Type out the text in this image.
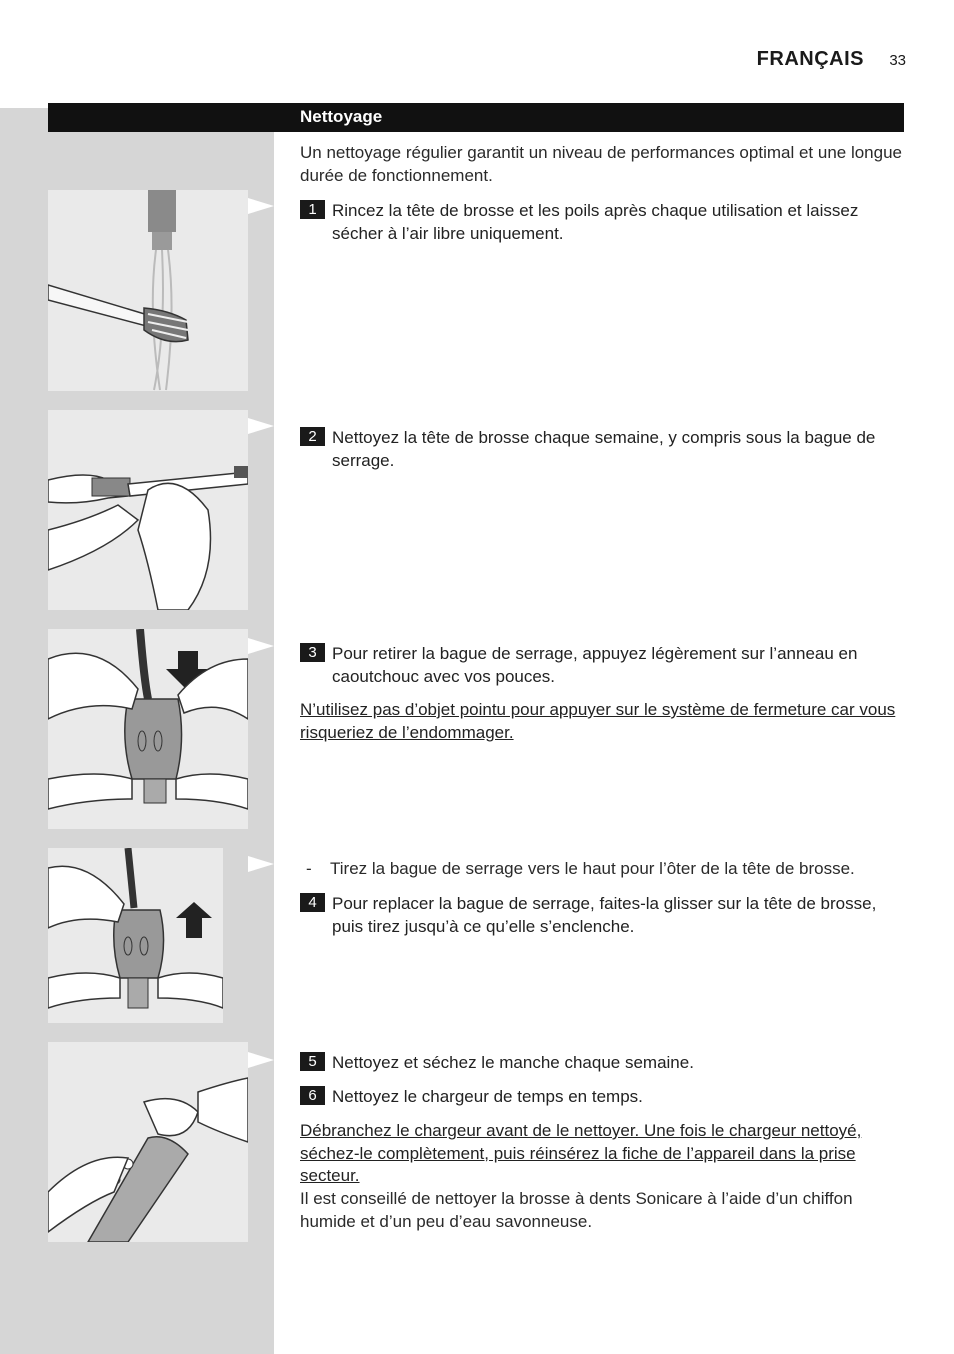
FRANÇAIS 33
Nettoyage
Un nettoyage régulier garantit un niveau de performances optimal et une longue durée de fonctionnement.
1 Rincez la tête de brosse et les poils après chaque utilisation et laissez sécher à l’air libre uniquement.
2 Nettoyez la tête de brosse chaque semaine, y compris sous la bague de serrage.
3 Pour retirer la bague de serrage, appuyez légèrement sur l’anneau en caoutchouc avec vos pouces.
N’utilisez pas d’objet pointu pour appuyer sur le système de fermeture car vous risqueriez de l’endommager.
- Tirez la bague de serrage vers le haut pour l’ôter de la tête de brosse.
4 Pour replacer la bague de serrage, faites-la glisser sur la tête de brosse, puis tirez jusqu’à ce qu’elle s’enclenche.
5 Nettoyez et séchez le manche chaque semaine.
6 Nettoyez le chargeur de temps en temps.
Débranchez le chargeur avant de le nettoyer. Une fois le chargeur nettoyé, séchez-le complètement, puis réinsérez la fiche de l’appareil dans la prise secteur.
Il est conseillé de nettoyer la brosse à dents Sonicare à l’aide d’un chiffon humide et d’un peu d’eau savonneuse.
